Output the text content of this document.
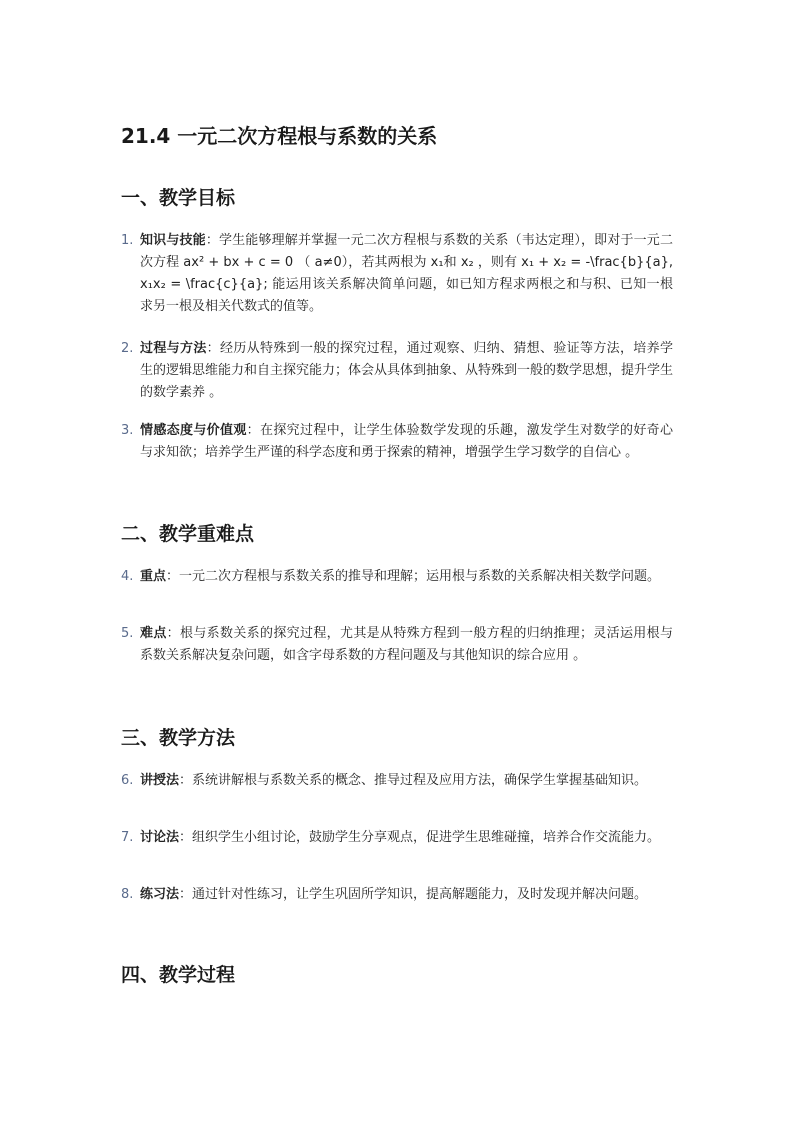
21.4 一元二次方程根与系数的关系
一、教学目标
1. 知识与技能：学生能够理解并掌握一元二次方程根与系数的关系（韦达定理），即对于一元二次方程 ax² + bx + c = 0 （ a≠0），若其两根为 x₁和 x₂ ，则有 x₁ + x₂ = -\frac{b}{a}, x₁x₂ = \frac{c}{a}; 能运用该关系解决简单问题，如已知方程求两根之和与积、已知一根求另一根及相关代数式的值等。
2. 过程与方法：经历从特殊到一般的探究过程，通过观察、归纳、猜想、验证等方法，培养学生的逻辑思维能力和自主探究能力；体会从具体到抽象、从特殊到一般的数学思想，提升学生的数学素养 。
3. 情感态度与价值观：在探究过程中，让学生体验数学发现的乐趣，激发学生对数学的好奇心与求知欲；培养学生严谨的科学态度和勇于探索的精神，增强学生学习数学的自信心 。
二、教学重难点
4. 重点：一元二次方程根与系数关系的推导和理解；运用根与系数的关系解决相关数学问题。
5. 难点：根与系数关系的探究过程，尤其是从特殊方程到一般方程的归纳推理；灵活运用根与系数关系解决复杂问题，如含字母系数的方程问题及与其他知识的综合应用 。
三、教学方法
6. 讲授法：系统讲解根与系数关系的概念、推导过程及应用方法，确保学生掌握基础知识。
7. 讨论法：组织学生小组讨论，鼓励学生分享观点，促进学生思维碰撞，培养合作交流能力。
8. 练习法：通过针对性练习，让学生巩固所学知识，提高解题能力，及时发现并解决问题。
四、教学过程
